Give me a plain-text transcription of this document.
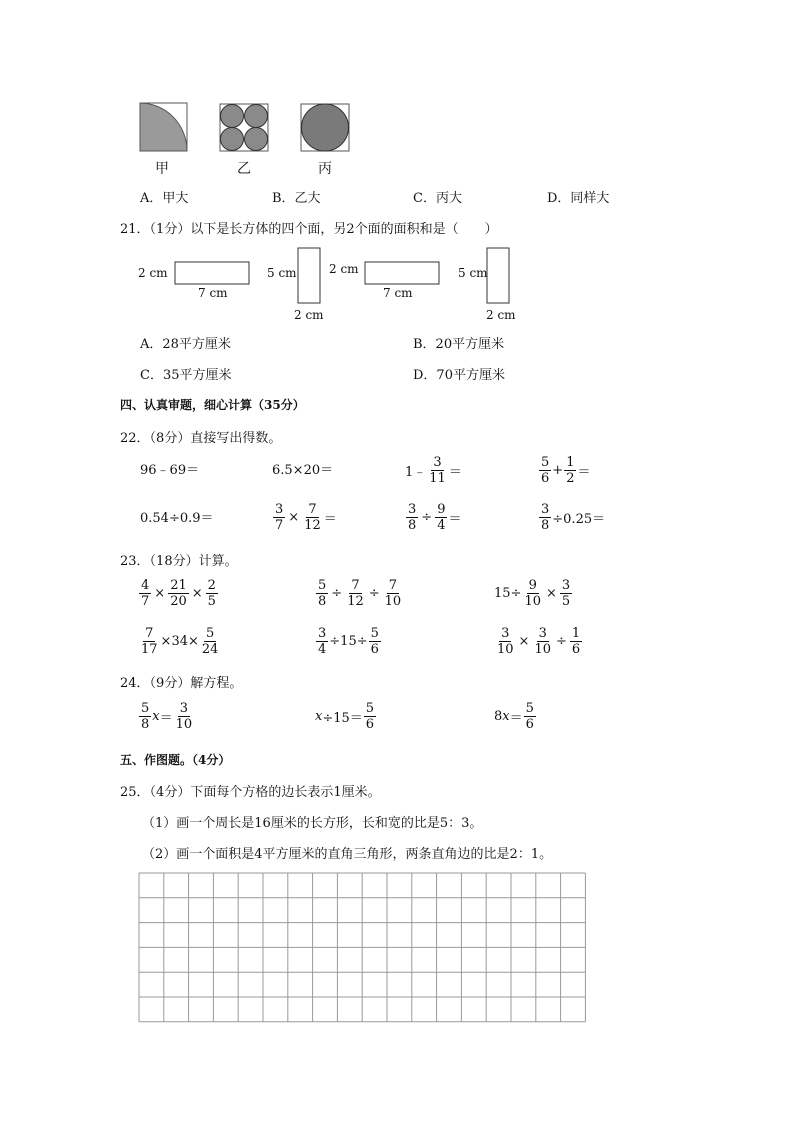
甲	乙	丙
A．甲大	B．乙大	C．丙大	D．同样大
21．（1分）以下是长方体的四个面，另2个面的面积和是（　　）
2 cm
7 cm
5 cm
2 cm
2 cm
7 cm
5 cm
2 cm
A．28平方厘米	B．20平方厘米
C．35平方厘米	D．70平方厘米
四、认真审题，细心计算（35分）
22．（8分）直接写出得数。
96﹣69＝	6.5×20＝	1﹣ $\frac{3}{11}$ ＝	$\frac{5}{6} + \frac{1}{2}$ ＝
0.54÷0.9＝	$\frac{3}{7} \times \frac{7}{12}$ ＝	$\frac{3}{8} \div \frac{9}{4}$ ＝	$\frac{3}{8} \div 0.25=$
23．（18分）计算。
$\frac{4}{7} \times \frac{21}{20} \times \frac{2}{5}$	$\frac{5}{8} \div \frac{7}{12} \div \frac{7}{10}$	$15\div \frac{9}{10} \times \frac{3}{5}$
$\frac{7}{17} \times 34\times \frac{5}{24}$	$\frac{3}{4} \div 15\div \frac{5}{6}$	$\frac{3}{10} \times \frac{3}{10} \div \frac{1}{6}$
24．（9分）解方程。
$\frac{5}{8}$ $x = \frac{3}{10}$	$x \div 15= \frac{5}{6}$	8 $x = \frac{5}{6}$
五、作图题。（4分）
25．（4分）下面每个方格的边长表示1厘米。
（1）画一个周长是16厘米的长方形，长和宽的比是5：3。
（2）画一个面积是4平方厘米的直角三角形，两条直角边的比是2：1。
